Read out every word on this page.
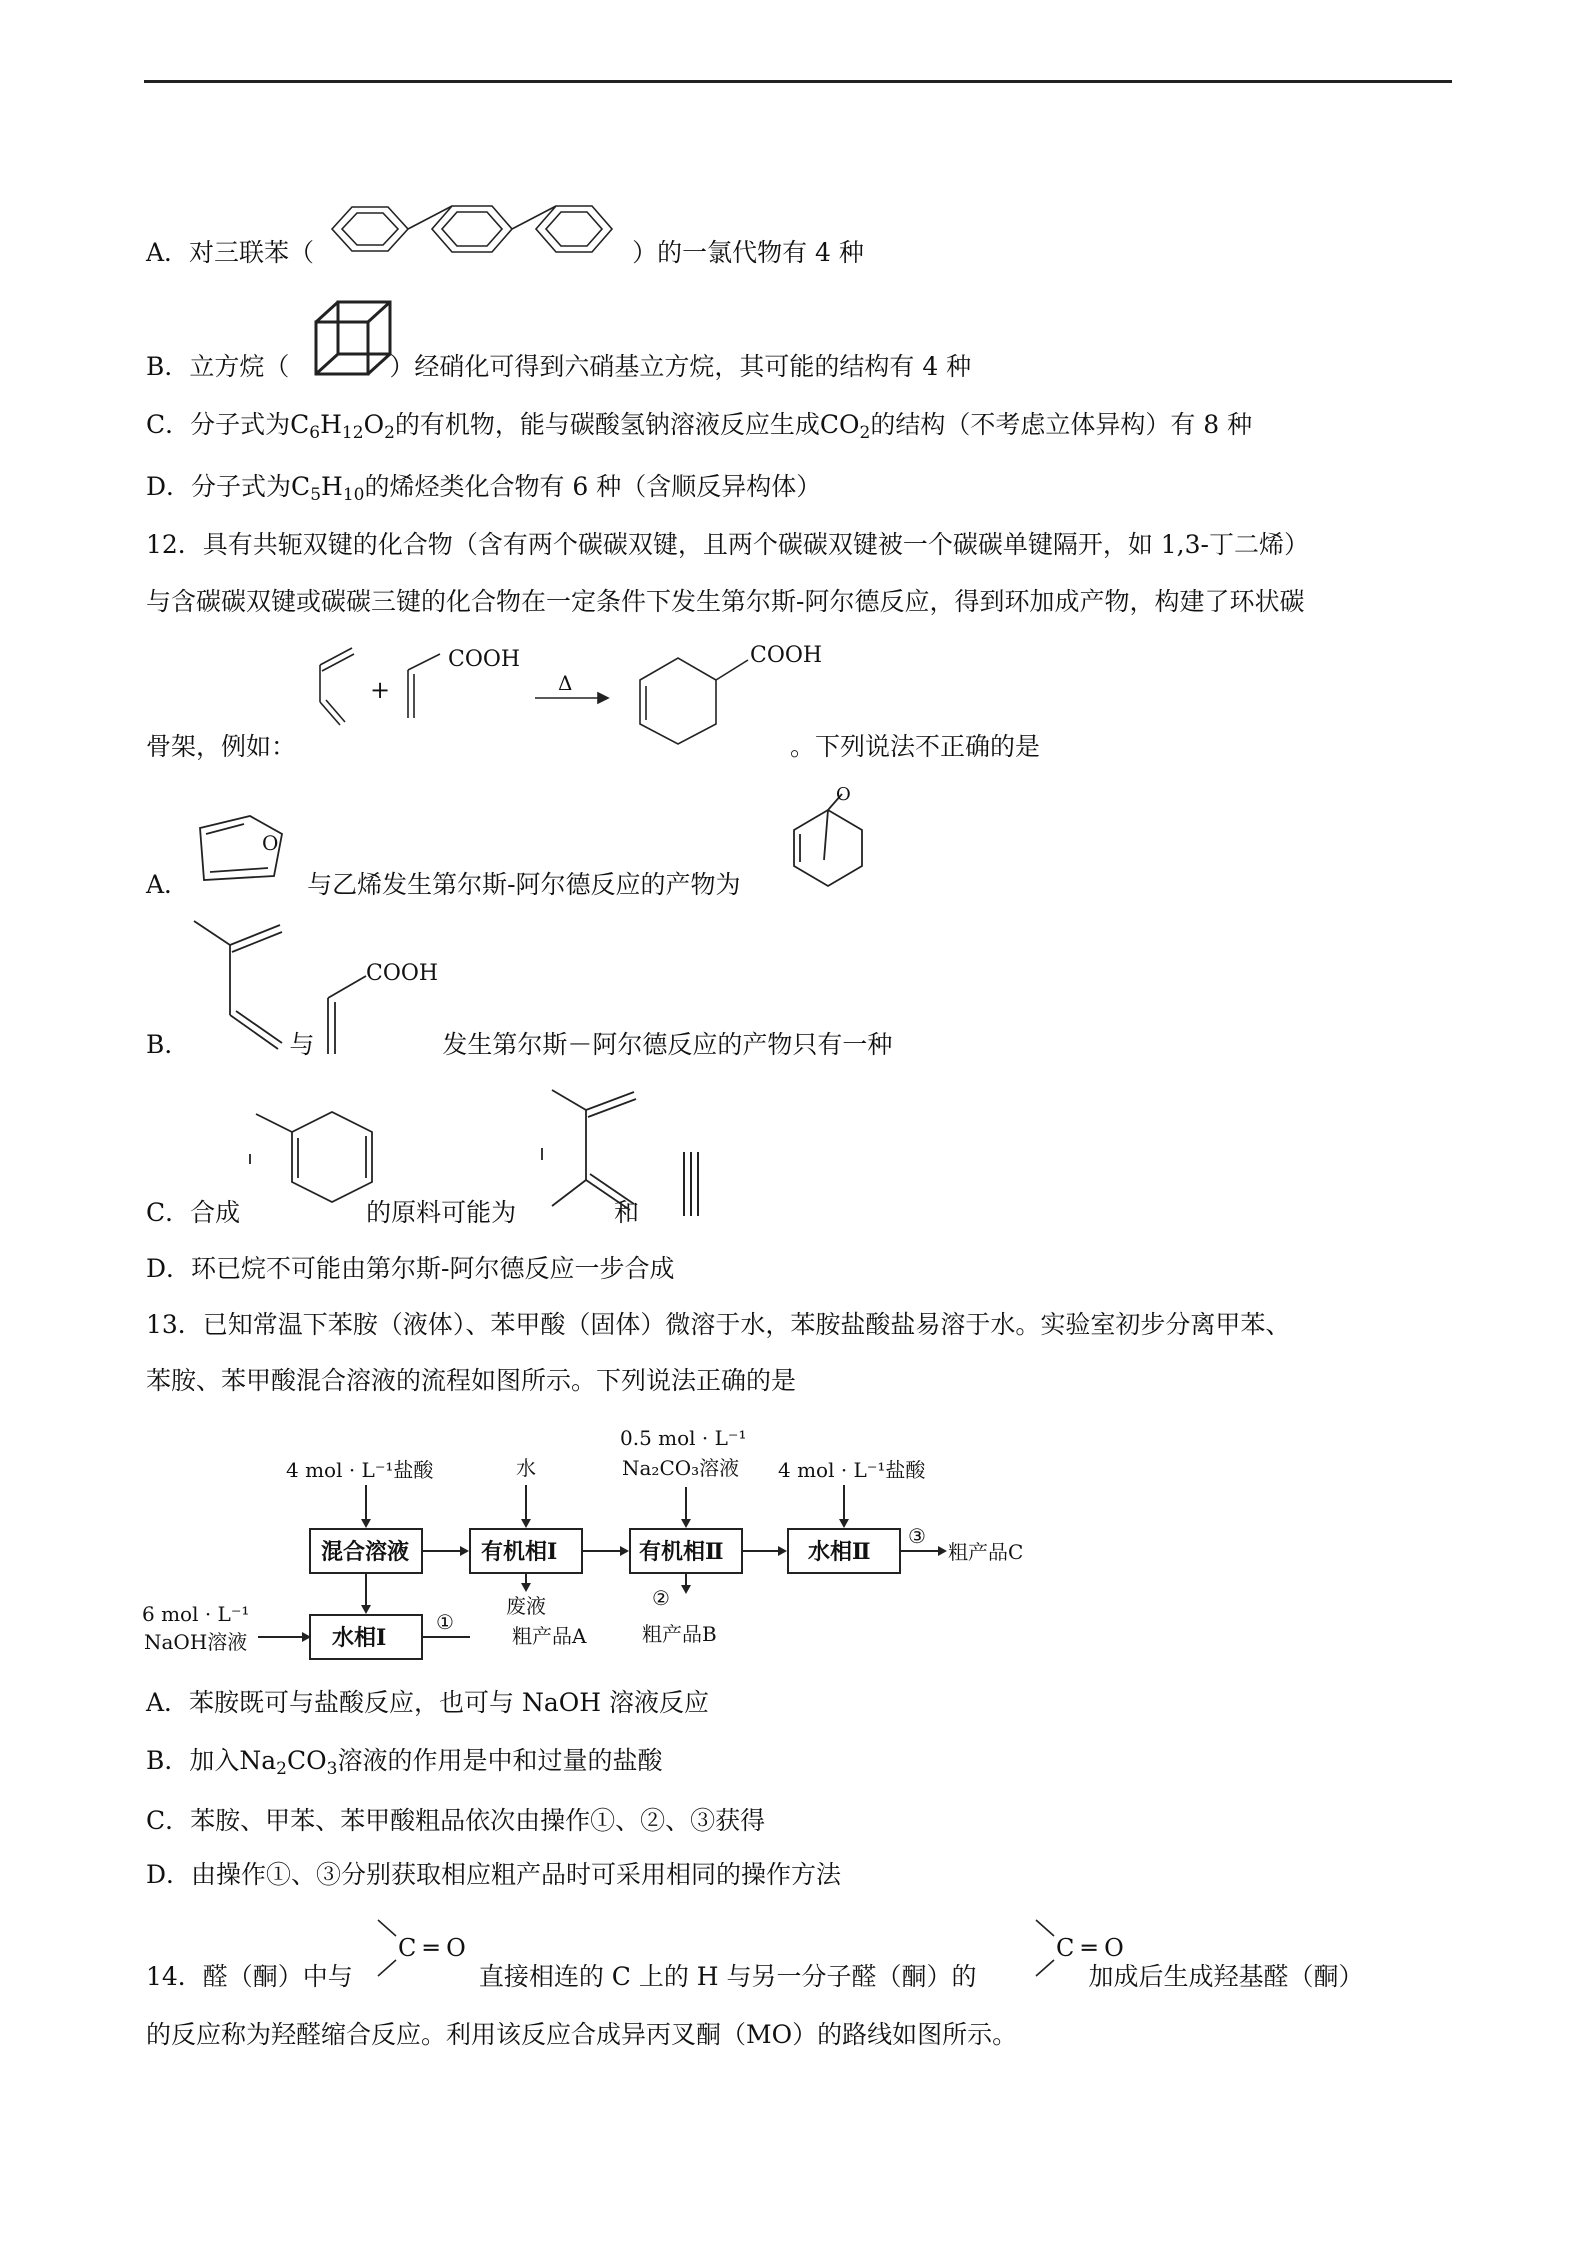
A．对三联苯（	）的一氯代物有 4 种
B．立方烷（	）经硝化可得到六硝基立方烷，其可能的结构有 4 种
C．分子式为$C_6H_{12}O_2$的有机物，能与碳酸氢钠溶液反应生成$CO_2$的结构（不考虑立体异构）有 8 种
D．分子式为$C_5H_{10}$的烯烃类化合物有 6 种（含顺反异构体）
12．具有共轭双键的化合物（含有两个碳碳双键，且两个碳碳双键被一个碳碳单键隔开，如 1,3-丁二烯）
与含碳碳双键或碳碳三键的化合物在一定条件下发生第尔斯-阿尔德反应，得到环加成产物，构建了环状碳
骨架，例如：	。下列说法不正确的是
COOH
+	Δ
COOH
A．	与乙烯发生第尔斯-阿尔德反应的产物为
O
O
B．	与	发生第尔斯－阿尔德反应的产物只有一种
COOH
C．合成	的原料可能为	和
D．环已烷不可能由第尔斯-阿尔德反应一步合成
13．已知常温下苯胺（液体）、苯甲酸（固体）微溶于水，苯胺盐酸盐易溶于水。实验室初步分离甲苯、
苯胺、苯甲酸混合溶液的流程如图所示。下列说法正确的是
混合溶液	有机相Ⅰ	有机相Ⅱ	水相Ⅱ
水相Ⅰ
4 mol · L⁻¹盐酸	水
0.5 mol · L⁻¹
Na₂CO₃溶液 4 mol · L⁻¹盐酸
6 mol · L⁻¹
NaOH溶液
废液
粗产品A	粗产品B
粗产品C
①
②
③
A．苯胺既可与盐酸反应，也可与 NaOH 溶液反应
B．加入$Na_2CO_3$溶液的作用是中和过量的盐酸
C．苯胺、甲苯、苯甲酸粗品依次由操作①、②、③获得
D．由操作①、③分别获取相应粗产品时可采用相同的操作方法
14．醛（酮）中与	直接相连的 C 上的 H 与另一分子醛（酮）的	加成后生成羟基醛（酮）
C ═ O	C ═ O
的反应称为羟醛缩合反应。利用该反应合成异丙叉酮（MO）的路线如图所示。
